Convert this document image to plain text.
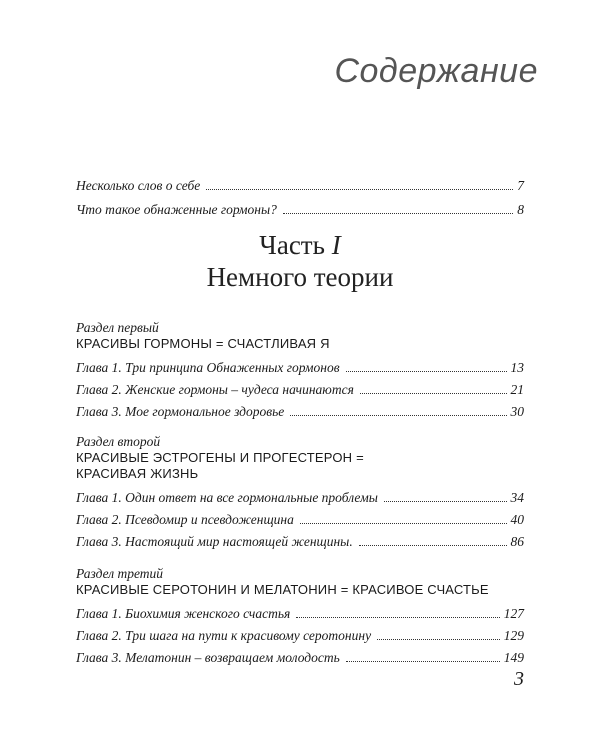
Содержание
Несколько слов о себе	7
Что такое обнаженные гормоны?	8
Часть I
Немного теории
Раздел первый
КРАСИВЫ ГОРМОНЫ = СЧАСТЛИВАЯ Я
Глава 1. Три принципа Обнаженных гормонов	13
Глава 2. Женские гормоны – чудеса начинаются	21
Глава 3. Мое гормональное здоровье	30
Раздел второй
КРАСИВЫЕ ЭСТРОГЕНЫ И ПРОГЕСТЕРОН =
КРАСИВАЯ ЖИЗНЬ
Глава 1. Один ответ на все гормональные проблемы	34
Глава 2. Псевдомир и псевдоженщина	40
Глава 3. Настоящий мир настоящей женщины.	86
Раздел третий
КРАСИВЫЕ СЕРОТОНИН И МЕЛАТОНИН = КРАСИВОЕ СЧАСТЬЕ
Глава 1. Биохимия женского счастья	127
Глава 2. Три шага на пути к красивому серотонину	129
Глава 3. Мелатонин – возвращаем молодость	149
3
